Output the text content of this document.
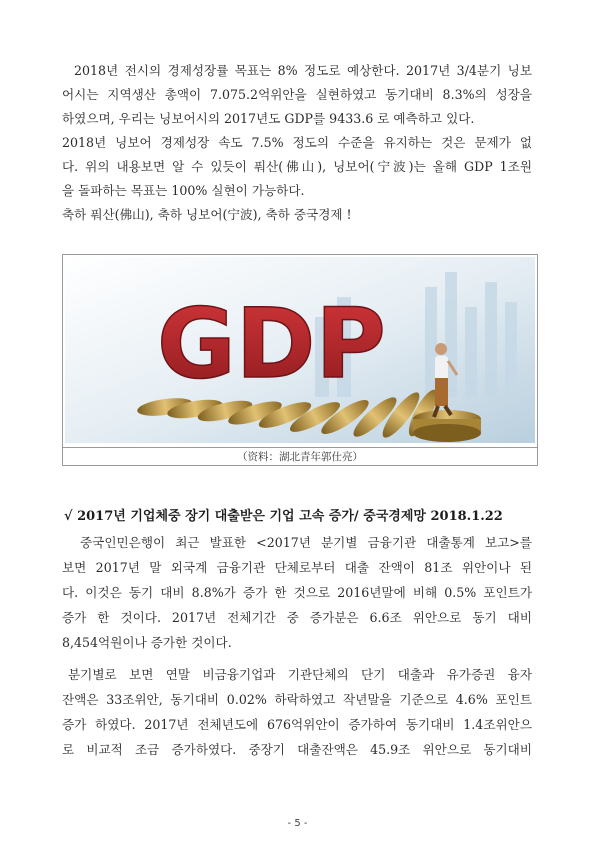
2018년 전시의 경제성장률 목표는 8% 정도로 예상한다. 2017년 3/4분기 닝보
어시는 지역생산 총액이 7.075.2억위안을 실현하였고 동기대비 8.3%의 성장을
하였으며, 우리는 닝보어시의 2017년도 GDP를 9433.6 로 예측하고 있다.
2018년 닝보어 경제성장 속도 7.5% 정도의 수준을 유지하는 것은 문제가 없
다. 위의 내용보면 알 수 있듯이 풔산(佛山), 닝보어(宁波)는 올해 GDP 1조원
을 돌파하는 목표는 100% 실현이 가능하다.
축하 풔산(佛山), 축하 닝보어(宁波), 축하 중국경제 !
GDP
（资料：湖北青年郭仕亮）
√ 2017년 기업체중 장기 대출받은 기업 고속 증가/ 중국경제망 2018.1.22
중국인민은행이 최근 발표한 <2017년 분기별 금융기관 대출통계 보고>를
보면 2017년 말 외국계 금융기관 단체로부터 대출 잔액이 81조 위안이나 된
다. 이것은 동기 대비 8.8%가 증가 한 것으로 2016년말에 비해 0.5% 포인트가
증가 한 것이다. 2017년 전체기간 중 증가분은 6.6조 위안으로 동기 대비
8,454억원이나 증가한 것이다.
분기별로 보면 연말 비금융기업과 기관단체의 단기 대출과 유가증권 융자
잔액은 33조위안, 동기대비 0.02% 하락하였고 작년말을 기준으로 4.6% 포인트
증가 하였다. 2017년 전체년도에 676억위안이 증가하여 동기대비 1.4조위안으
로 비교적 조금 증가하였다. 중장기 대출잔액은 45.9조 위안으로 동기대비
- 5 -
